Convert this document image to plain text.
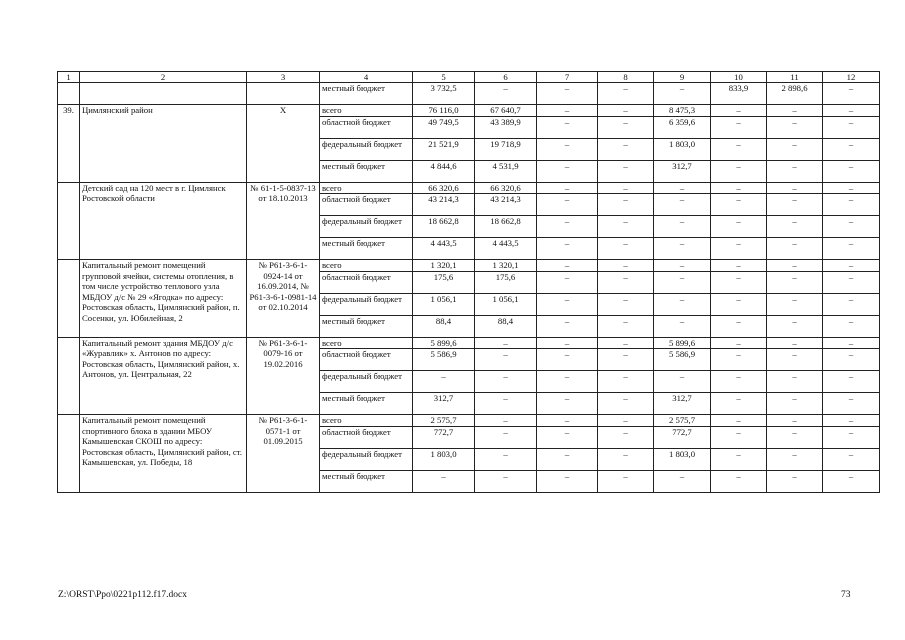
1	2	3	4	5	6	7	8	9	10	11	12
			местный бюджет	3 732,5	–	–	–	–	833,9	2 898,6	–
39.	Цимлянский район	X	всего	76 116,0	67 640,7	–	–	8 475,3	–	–	–
			областной бюджет	49 749,5	43 389,9	–	–	6 359,6	–	–	–
			федеральный бюджет	21 521,9	19 718,9	–	–	1 803,0	–	–	–
			местный бюджет	4 844,6	4 531,9	–	–	312,7	–	–	–
	Детский сад на 120 мест в г. Цимлянск Ростовской области	№ 61-1-5-0837-13 от 18.10.2013	всего	66 320,6	66 320,6	–	–	–	–	–	–
			областной бюджет	43 214,3	43 214,3	–	–	–	–	–	–
			федеральный бюджет	18 662,8	18 662,8	–	–	–	–	–	–
			местный бюджет	4 443,5	4 443,5	–	–	–	–	–	–
	Капитальный ремонт помещений групповой ячейки, системы отопления, в том числе устройство теплового узла МБДОУ д/с № 29 «Ягодка» по адресу: Ростовская область, Цимлянский район, п. Сосенки, ул. Юбилейная, 2	№ Р61-3-6-1-0924-14 от 16.09.2014, № Р61-3-6-1-0981-14 от 02.10.2014	всего	1 320,1	1 320,1	–	–	–	–	–	–
			областной бюджет	175,6	175,6	–	–	–	–	–	–
			федеральный бюджет	1 056,1	1 056,1	–	–	–	–	–	–
			местный бюджет	88,4	88,4	–	–	–	–	–	–
	Капитальный ремонт здания МБДОУ д/с «Журавлик» х. Антонов по адресу: Ростовская область, Цимлянский район, х. Антонов, ул. Центральная, 22	№ Р61-3-6-1-0079-16 от 19.02.2016	всего	5 899,6	–	–	–	5 899,6	–	–	–
			областной бюджет	5 586,9	–	–	–	5 586,9	–	–	–
			федеральный бюджет	–	–	–	–	–	–	–	–
			местный бюджет	312,7	–	–	–	312,7	–	–	–
	Капитальный ремонт помещений спортивного блока в здании МБОУ Камышевская СКОШ по адресу: Ростовская область, Цимлянский район, ст. Камышевская, ул. Победы, 18	№ Р61-3-6-1-0571-1 от 01.09.2015	всего	2 575,7	–	–	–	2 575,7	–	–	–
			областной бюджет	772,7	–	–	–	772,7	–	–	–
			федеральный бюджет	1 803,0	–	–	–	1 803,0	–	–	–
			местный бюджет	–	–	–	–	–	–	–	–
Z:\ORST\Ppo\0221p112.f17.docx	73
